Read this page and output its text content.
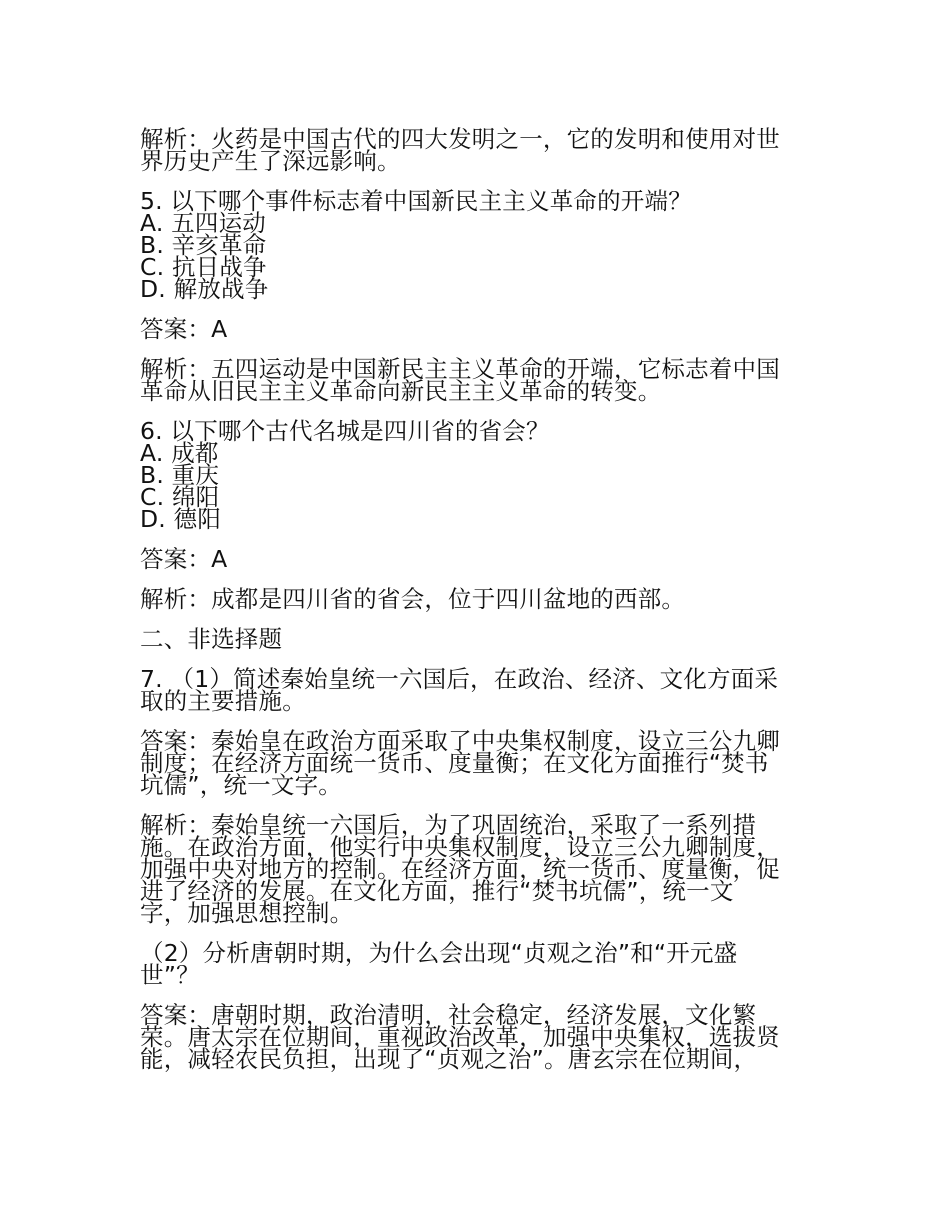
解析：火药是中国古代的四大发明之一，它的发明和使用对世
界历史产生了深远影响。
5. 以下哪个事件标志着中国新民主主义革命的开端？
A. 五四运动
B. 辛亥革命
C. 抗日战争
D. 解放战争
答案：A
解析：五四运动是中国新民主主义革命的开端，它标志着中国
革命从旧民主主义革命向新民主主义革命的转变。
6. 以下哪个古代名城是四川省的省会？
A. 成都
B. 重庆
C. 绵阳
D. 德阳
答案：A
解析：成都是四川省的省会，位于四川盆地的西部。
二、非选择题
7. （1）简述秦始皇统一六国后，在政治、经济、文化方面采
取的主要措施。
答案：秦始皇在政治方面采取了中央集权制度，设立三公九卿
制度；在经济方面统一货币、度量衡；在文化方面推行“焚书
坑儒”，统一文字。
解析：秦始皇统一六国后，为了巩固统治，采取了一系列措
施。在政治方面，他实行中央集权制度，设立三公九卿制度，
加强中央对地方的控制。在经济方面，统一货币、度量衡，促
进了经济的发展。在文化方面，推行“焚书坑儒”，统一文
字，加强思想控制。
（2）分析唐朝时期，为什么会出现“贞观之治”和“开元盛
世”？
答案：唐朝时期，政治清明，社会稳定，经济发展，文化繁
荣。唐太宗在位期间，重视政治改革，加强中央集权，选拔贤
能，减轻农民负担，出现了“贞观之治”。唐玄宗在位期间，
